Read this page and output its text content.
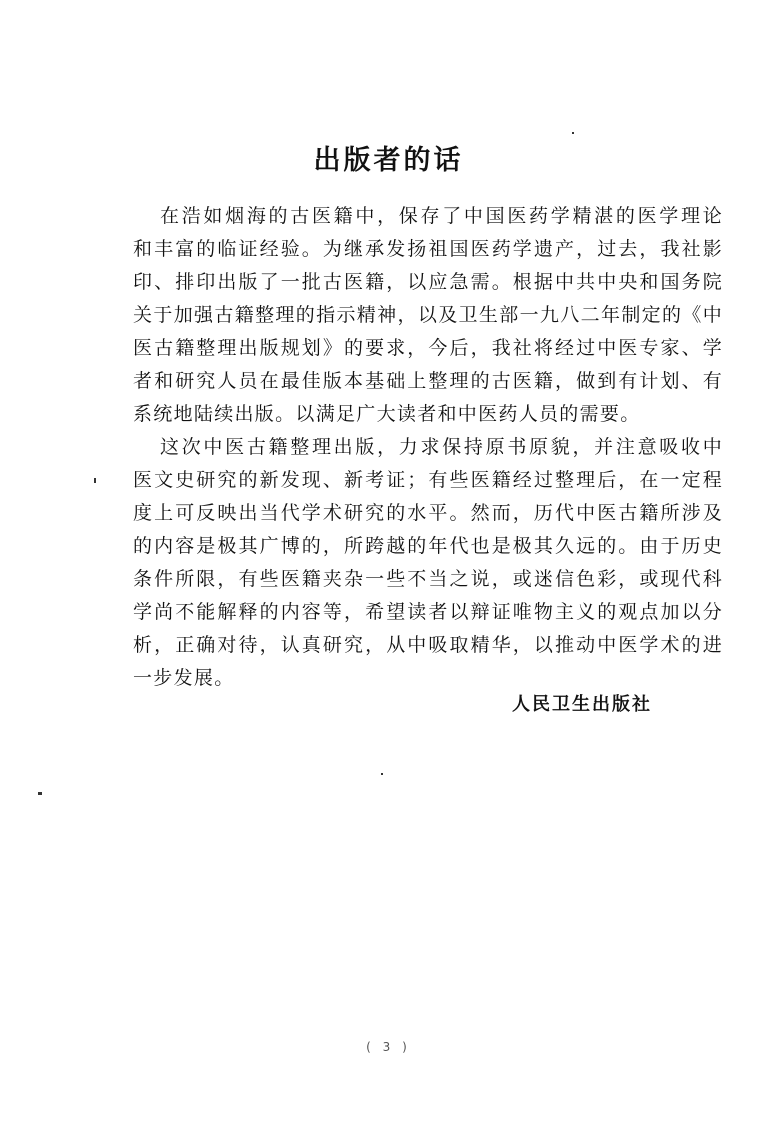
出版者的话
在浩如烟海的古医籍中，保存了中国医药学精湛的医学理论
和丰富的临证经验。为继承发扬祖国医药学遗产，过去，我社影
印、排印出版了一批古医籍，以应急需。根据中共中央和国务院
关于加强古籍整理的指示精神，以及卫生部一九八二年制定的《中
医古籍整理出版规划》的要求，今后，我社将经过中医专家、学
者和研究人员在最佳版本基础上整理的古医籍，做到有计划、有
系统地陆续出版。以满足广大读者和中医药人员的需要。
这次中医古籍整理出版，力求保持原书原貌，并注意吸收中
医文史研究的新发现、新考证；有些医籍经过整理后，在一定程
度上可反映出当代学术研究的水平。然而，历代中医古籍所涉及
的内容是极其广博的，所跨越的年代也是极其久远的。由于历史
条件所限，有些医籍夹杂一些不当之说，或迷信色彩，或现代科
学尚不能解释的内容等，希望读者以辩证唯物主义的观点加以分
析，正确对待，认真研究，从中吸取精华，以推动中医学术的进
一步发展。
人民卫生出版社
( 3 )
